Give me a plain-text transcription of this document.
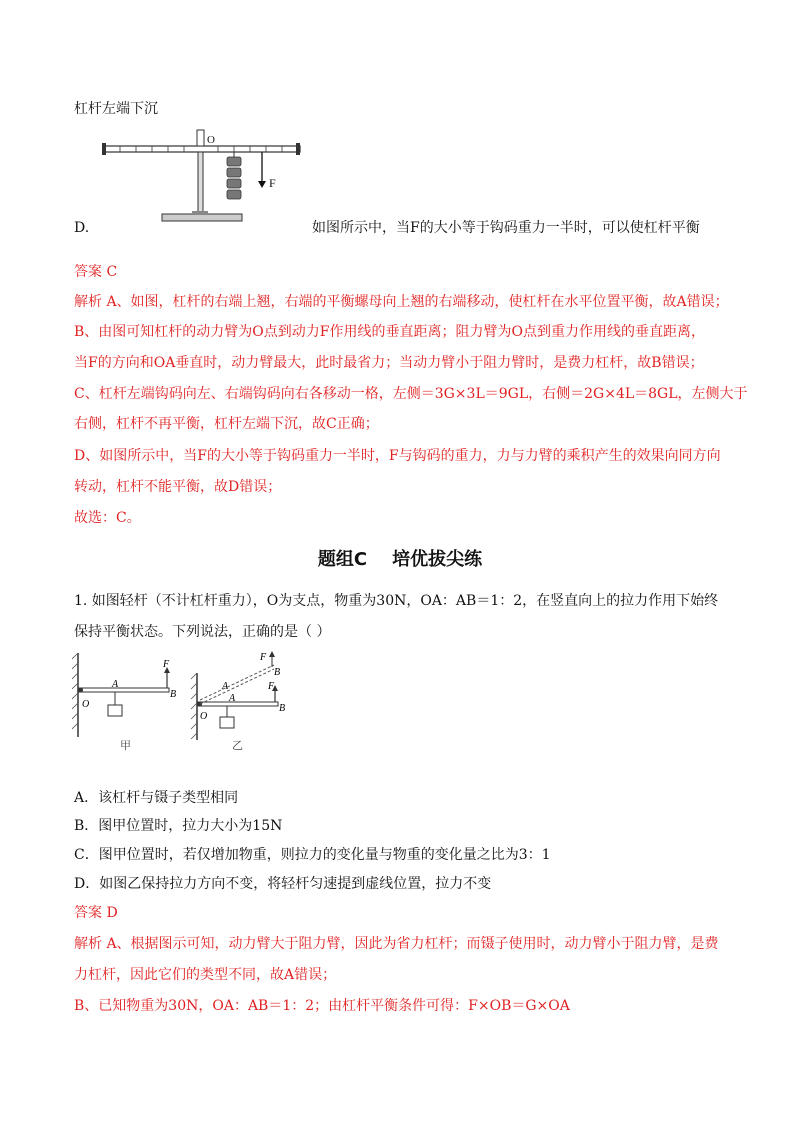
杠杆左端下沉
O
F
D.	如图所示中，当F的大小等于钩码重力一半时，可以使杠杆平衡
答案 C
解析 A、如图，杠杆的右端上翘，右端的平衡螺母向上翘的右端移动，使杠杆在水平位置平衡，故A错误；
B、由图可知杠杆的动力臂为O点到动力F作用线的垂直距离；阻力臂为O点到重力作用线的垂直距离，
当F的方向和OA垂直时，动力臂最大，此时最省力；当动力臂小于阻力臂时，是费力杠杆，故B错误；
C、杠杆左端钩码向左、右端钩码向右各移动一格，左侧＝3G×3L＝9GL，右侧＝2G×4L＝8GL，左侧大于
右侧，杠杆不再平衡，杠杆左端下沉，故C正确；
D、如图所示中，当F的大小等于钩码重力一半时，F与钩码的重力，力与力臂的乘积产生的效果向同方向
转动，杠杆不能平衡，故D错误；
故选：C。
题组C    培优拔尖练
1. 如图轻杆（不计杠杆重力），O为支点，物重为30N，OA：AB＝1：2，在竖直向上的拉力作用下始终
保持平衡状态。下列说法，正确的是（ ）
O
A
B
F
甲
F
B
A	F
B
A
O
乙
A．该杠杆与镊子类型相同
B．图甲位置时，拉力大小为15N
C．图甲位置时，若仅增加物重，则拉力的变化量与物重的变化量之比为3：1
D．如图乙保持拉力方向不变，将轻杆匀速提到虚线位置，拉力不变
答案 D
解析 A、根据图示可知，动力臂大于阻力臂，因此为省力杠杆；而镊子使用时，动力臂小于阻力臂，是费
力杠杆，因此它们的类型不同，故A错误；
B、已知物重为30N，OA：AB＝1：2；由杠杆平衡条件可得：F×OB＝G×OA
